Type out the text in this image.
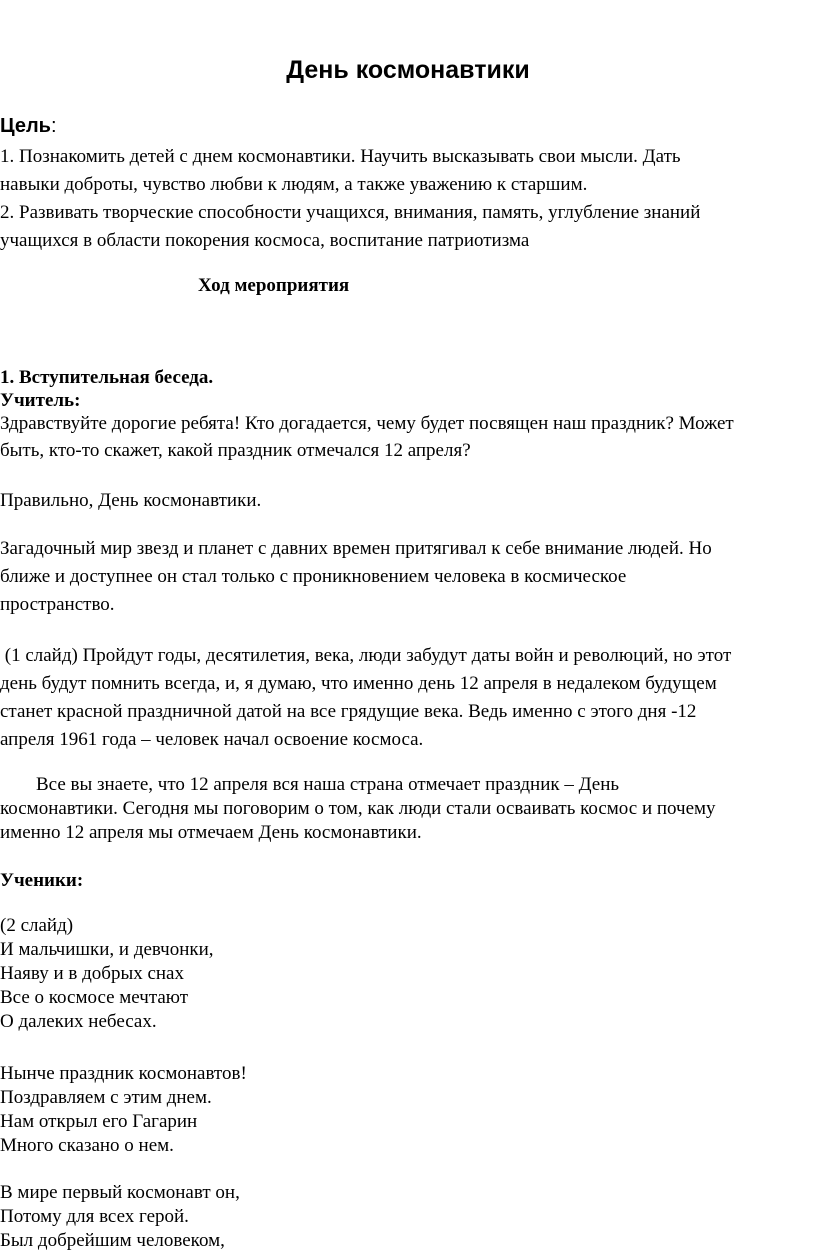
День космонавтики
Цель:
1. Познакомить детей с днем космонавтики. Научить высказывать свои мысли. Дать
навыки доброты, чувство любви к людям, а также уважению к старшим.
2. Развивать творческие способности учащихся, внимания, память, углубление знаний
учащихся в области покорения космоса, воспитание патриотизма
Ход мероприятия
1. Вступительная беседа.
Учитель:
Здравствуйте дорогие ребята! Кто догадается, чему будет посвящен наш праздник? Может
быть, кто-то скажет, какой праздник отмечался 12 апреля?
Правильно, День космонавтики.
Загадочный мир звезд и планет с давних времен притягивал к себе внимание людей. Но
ближе и доступнее он стал только с проникновением человека в космическое
пространство.
(1 слайд) Пройдут годы, десятилетия, века, люди забудут даты войн и революций, но этот
день будут помнить всегда, и, я думаю, что именно день 12 апреля в недалеком будущем
станет красной праздничной датой на все грядущие века. Ведь именно с этого дня -12
апреля 1961 года – человек начал освоение космоса.
Все вы знаете, что 12 апреля вся наша страна отмечает праздник – День
космонавтики. Сегодня мы поговорим о том, как люди стали осваивать космос и почему
именно 12 апреля мы отмечаем День космонавтики.
Ученики:
(2 слайд)
И мальчишки, и девчонки,
Наяву и в добрых снах
Все о космосе мечтают
О далеких небесах.
Нынче праздник космонавтов!
Поздравляем с этим днем.
Нам открыл его Гагарин
Много сказано о нем.
В мире первый космонавт он,
Потому для всех герой.
Был добрейшим человеком,
